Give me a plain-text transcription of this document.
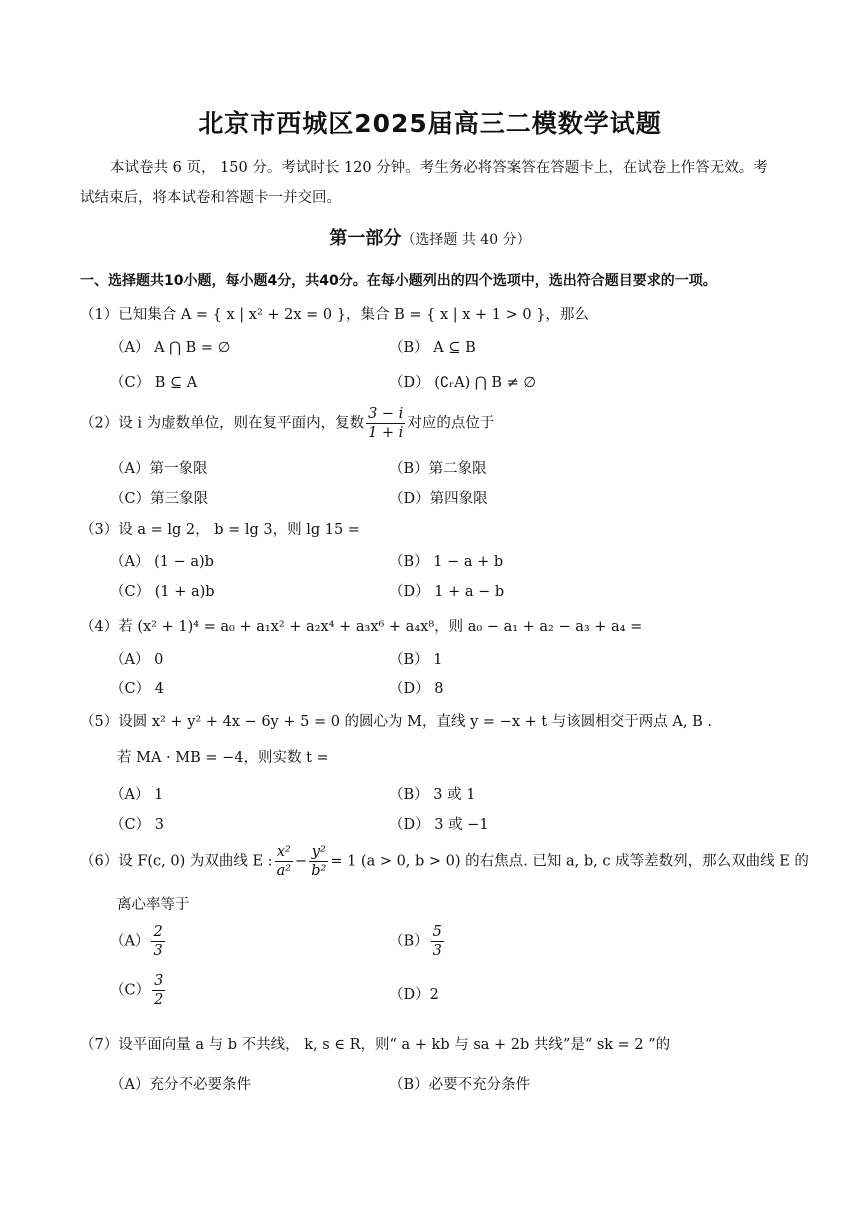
北京市西城区2025届高三二模数学试题
本试卷共 6 页， 150 分。考试时长 120 分钟。考生务必将答案答在答题卡上，在试卷上作答无效。考试结束后，将本试卷和答题卡一并交回。
第一部分（选择题 共 40 分）
一、选择题共10小题，每小题4分，共40分。在每小题列出的四个选项中，选出符合题目要求的一项。
（1）已知集合 A = { x | x² + 2x = 0 }，集合 B = { x | x + 1 > 0 }，那么
（A） A ⋂ B = ∅	（B） A ⊆ B
（C） B ⊆ A	（D） (∁ᵣA) ⋂ B ≠ ∅
（2）设 i 为虚数单位，则在复平面内，复数 $\frac{3 - i}{1 + i}$ 对应的点位于
（A）第一象限	（B）第二象限
（C）第三象限	（D）第四象限
（3）设 a = lg 2， b = lg 3，则 lg 15 =
（A） (1 − a)b	（B） 1 − a + b
（C） (1 + a)b	（D） 1 + a − b
（4）若 (x² + 1)⁴ = a₀ + a₁x² + a₂x⁴ + a₃x⁶ + a₄x⁸，则 a₀ − a₁ + a₂ − a₃ + a₄ =
（A） 0	（B） 1
（C） 4	（D） 8
（5）设圆 x² + y² + 4x − 6y + 5 = 0 的圆心为 M，直线 y = −x + t 与该圆相交于两点 A, B .
若 MA · MB = −4，则实数 t =
（A） 1	（B） 3 或 1
（C） 3	（D） 3 或 −1
（6）设 F(c, 0) 为双曲线 E : $\frac{\text{x²}}{\text{a²}} - \frac{\text{y²}}{\text{b²}} = 1$ (a > 0, b > 0) 的右焦点. 已知 a, b, c 成等差数列，那么双曲线 E 的
离心率等于
$(A) \frac{2}{3}$	$(B) \frac{5}{3}$
$(C) \frac{3}{2}$	（D）2
（7）设平面向量 a 与 b 不共线， k, s ∈ R，则“ a + kb 与 sa + 2b 共线”是“ sk = 2 ”的
（A）充分不必要条件	（B）必要不充分条件
